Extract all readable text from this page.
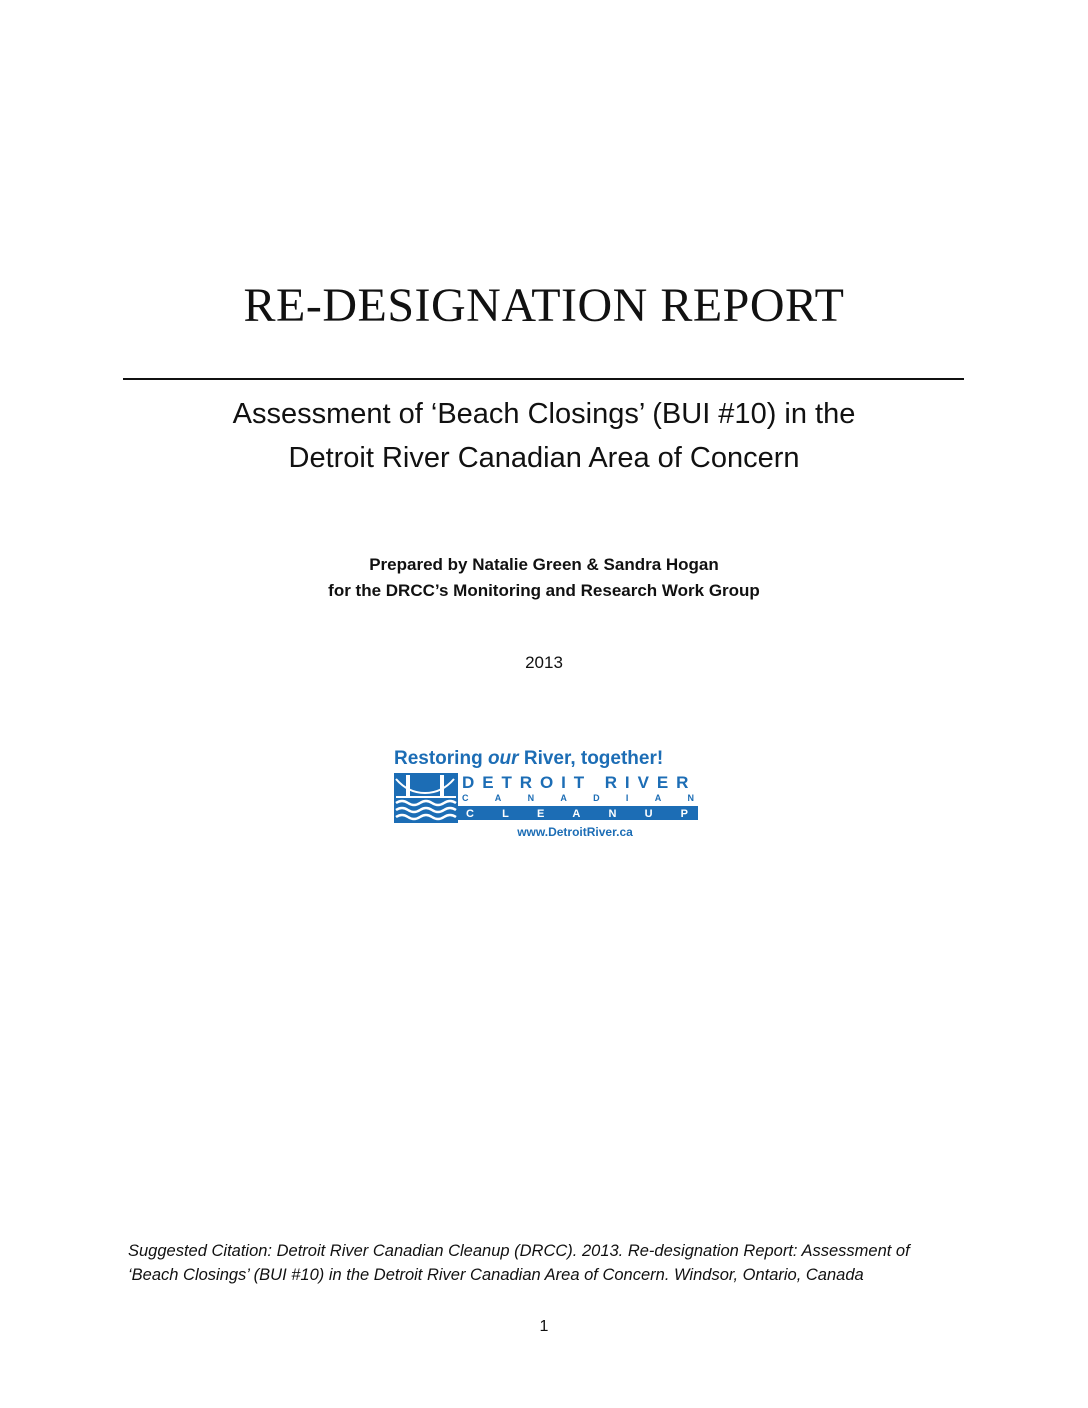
RE-DESIGNATION REPORT
Assessment of ‘Beach Closings’ (BUI #10) in the
Detroit River Canadian Area of Concern
Prepared by Natalie Green & Sandra Hogan
for the DRCC’s Monitoring and Research Work Group
2013
Restoring our River, together!
DETROIT RIVER
CANADIAN
CLEANUP
www.DetroitRiver.ca
Suggested Citation: Detroit River Canadian Cleanup (DRCC). 2013. Re-designation Report: Assessment of
‘Beach Closings’ (BUI #10) in the Detroit River Canadian Area of Concern. Windsor, Ontario, Canada
1
